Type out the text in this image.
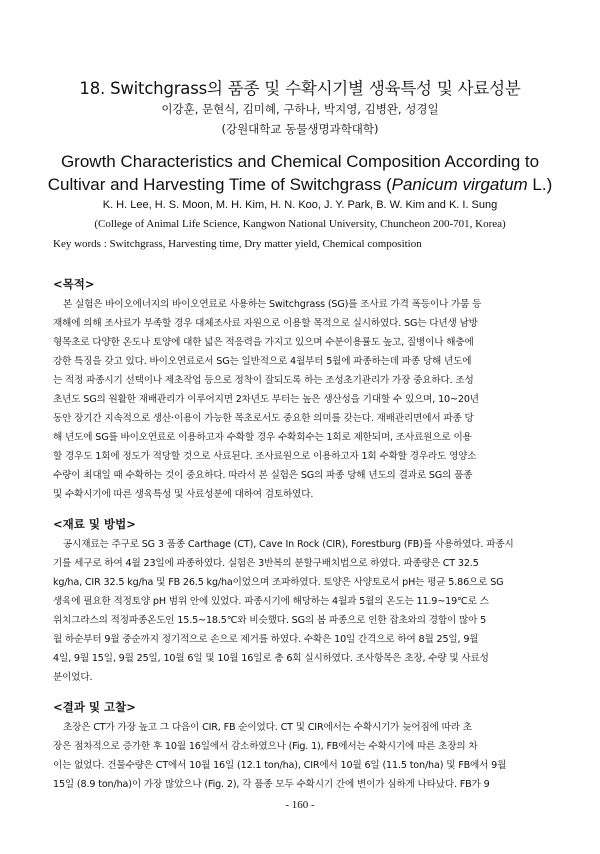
18. Switchgrass의 품종 및 수확시기별 생육특성 및 사료성분
이강훈, 문현식, 김미혜, 구하나, 박지영, 김병완, 성경일
(강원대학교 동물생명과학대학)
Growth Characteristics and Chemical Composition According to
Cultivar and Harvesting Time of Switchgrass (Panicum virgatum L.)
K. H. Lee, H. S. Moon, M. H. Kim, H. N. Koo, J. Y. Park, B. W. Kim and K. I. Sung
(College of Animal Life Science, Kangwon National University, Chuncheon 200-701, Korea)
Key words : Switchgrass, Harvesting time, Dry matter yield, Chemical composition
<목적>
본 실험은 바이오에너지의 바이오연료로 사용하는 Switchgrass (SG)를 조사료 가격 폭등이나 가뭄 등
재해에 의해 조사료가 부족할 경우 대체조사료 자원으로 이용할 목적으로 실시하였다. SG는 다년생 남방
형목초로 다양한 온도나 토양에 대한 넓은 적응력을 가지고 있으며 수분이용률도 높고, 질병이나 해충에
강한 특징을 갖고 있다. 바이오연료로서 SG는 일반적으로 4월부터 5월에 파종하는데 파종 당해 년도에
는 적정 파종시기 선택이나 제초작업 등으로 정착이 잘되도록 하는 조성초기관리가 가장 중요하다. 조성
초년도 SG의 원활한 재배관리가 이루어지면 2차년도 부터는 높은 생산성을 기대할 수 있으며, 10~20년
동안 장기간 지속적으로 생산·이용이 가능한 목초로서도 중요한 의미를 갖는다. 재배관리면에서 파종 당
해 년도에 SG를 바이오연료로 이용하고자 수확할 경우 수확회수는 1회로 제한되며, 조사료원으로 이용
할 경우도 1회에 정도가 적당할 것으로 사료된다. 조사료원으로 이용하고자 1회 수확할 경우라도 영양소
수량이 최대일 때 수확하는 것이 중요하다. 따라서 본 실험은 SG의 파종 당해 년도의 결과로 SG의 품종
및 수확시기에 따른 생육특성 및 사료성분에 대하여 검토하였다.
<재료 및 방법>
공시재료는 주구로 SG 3 품종 Carthage (CT), Cave In Rock (CIR), Forestburg (FB)를 사용하였다. 파종시
기를 세구로 하여 4월 23일에 파종하였다. 실험은 3반복의 분할구배치법으로 하였다. 파종량은 CT 32.5
kg/ha, CIR 32.5 kg/ha 및 FB 26.5 kg/ha이었으며 조파하였다. 토양은 사양토로서 pH는 평균 5.86으로 SG
생육에 필요한 적정토양 pH 범위 안에 있었다. 파종시기에 해당하는 4월과 5월의 온도는 11.9~19℃로 스
위치그라스의 적정파종온도인 15.5~18.5℃와 비슷했다. SG의 봄 파종으로 인한 잡초와의 경합이 많아 5
월 하순부터 9월 중순까지 정기적으로 손으로 제거를 하였다. 수확은 10일 간격으로 하여 8월 25일, 9월
4일, 9월 15일, 9월 25일, 10월 6일 및 10월 16일로 총 6회 실시하였다. 조사항목은 초장, 수량 및 사료성
분이었다.
<결과 및 고찰>
초장은 CT가 가장 높고 그 다음이 CIR, FB 순이었다. CT 및 CIR에서는 수확시기가 늦어짐에 따라 초
장은 점차적으로 증가한 후 10월 16일에서 감소하였으나 (Fig. 1), FB에서는 수확시기에 따른 초장의 차
이는 없었다. 건물수량은 CT에서 10월 16일 (12.1 ton/ha), CIR에서 10월 6일 (11.5 ton/ha) 및 FB에서 9월
15일 (8.9 ton/ha)이 가장 많았으나 (Fig. 2), 각 품종 모두 수확시기 간에 변이가 심하게 나타났다. FB가 9
- 160 -
